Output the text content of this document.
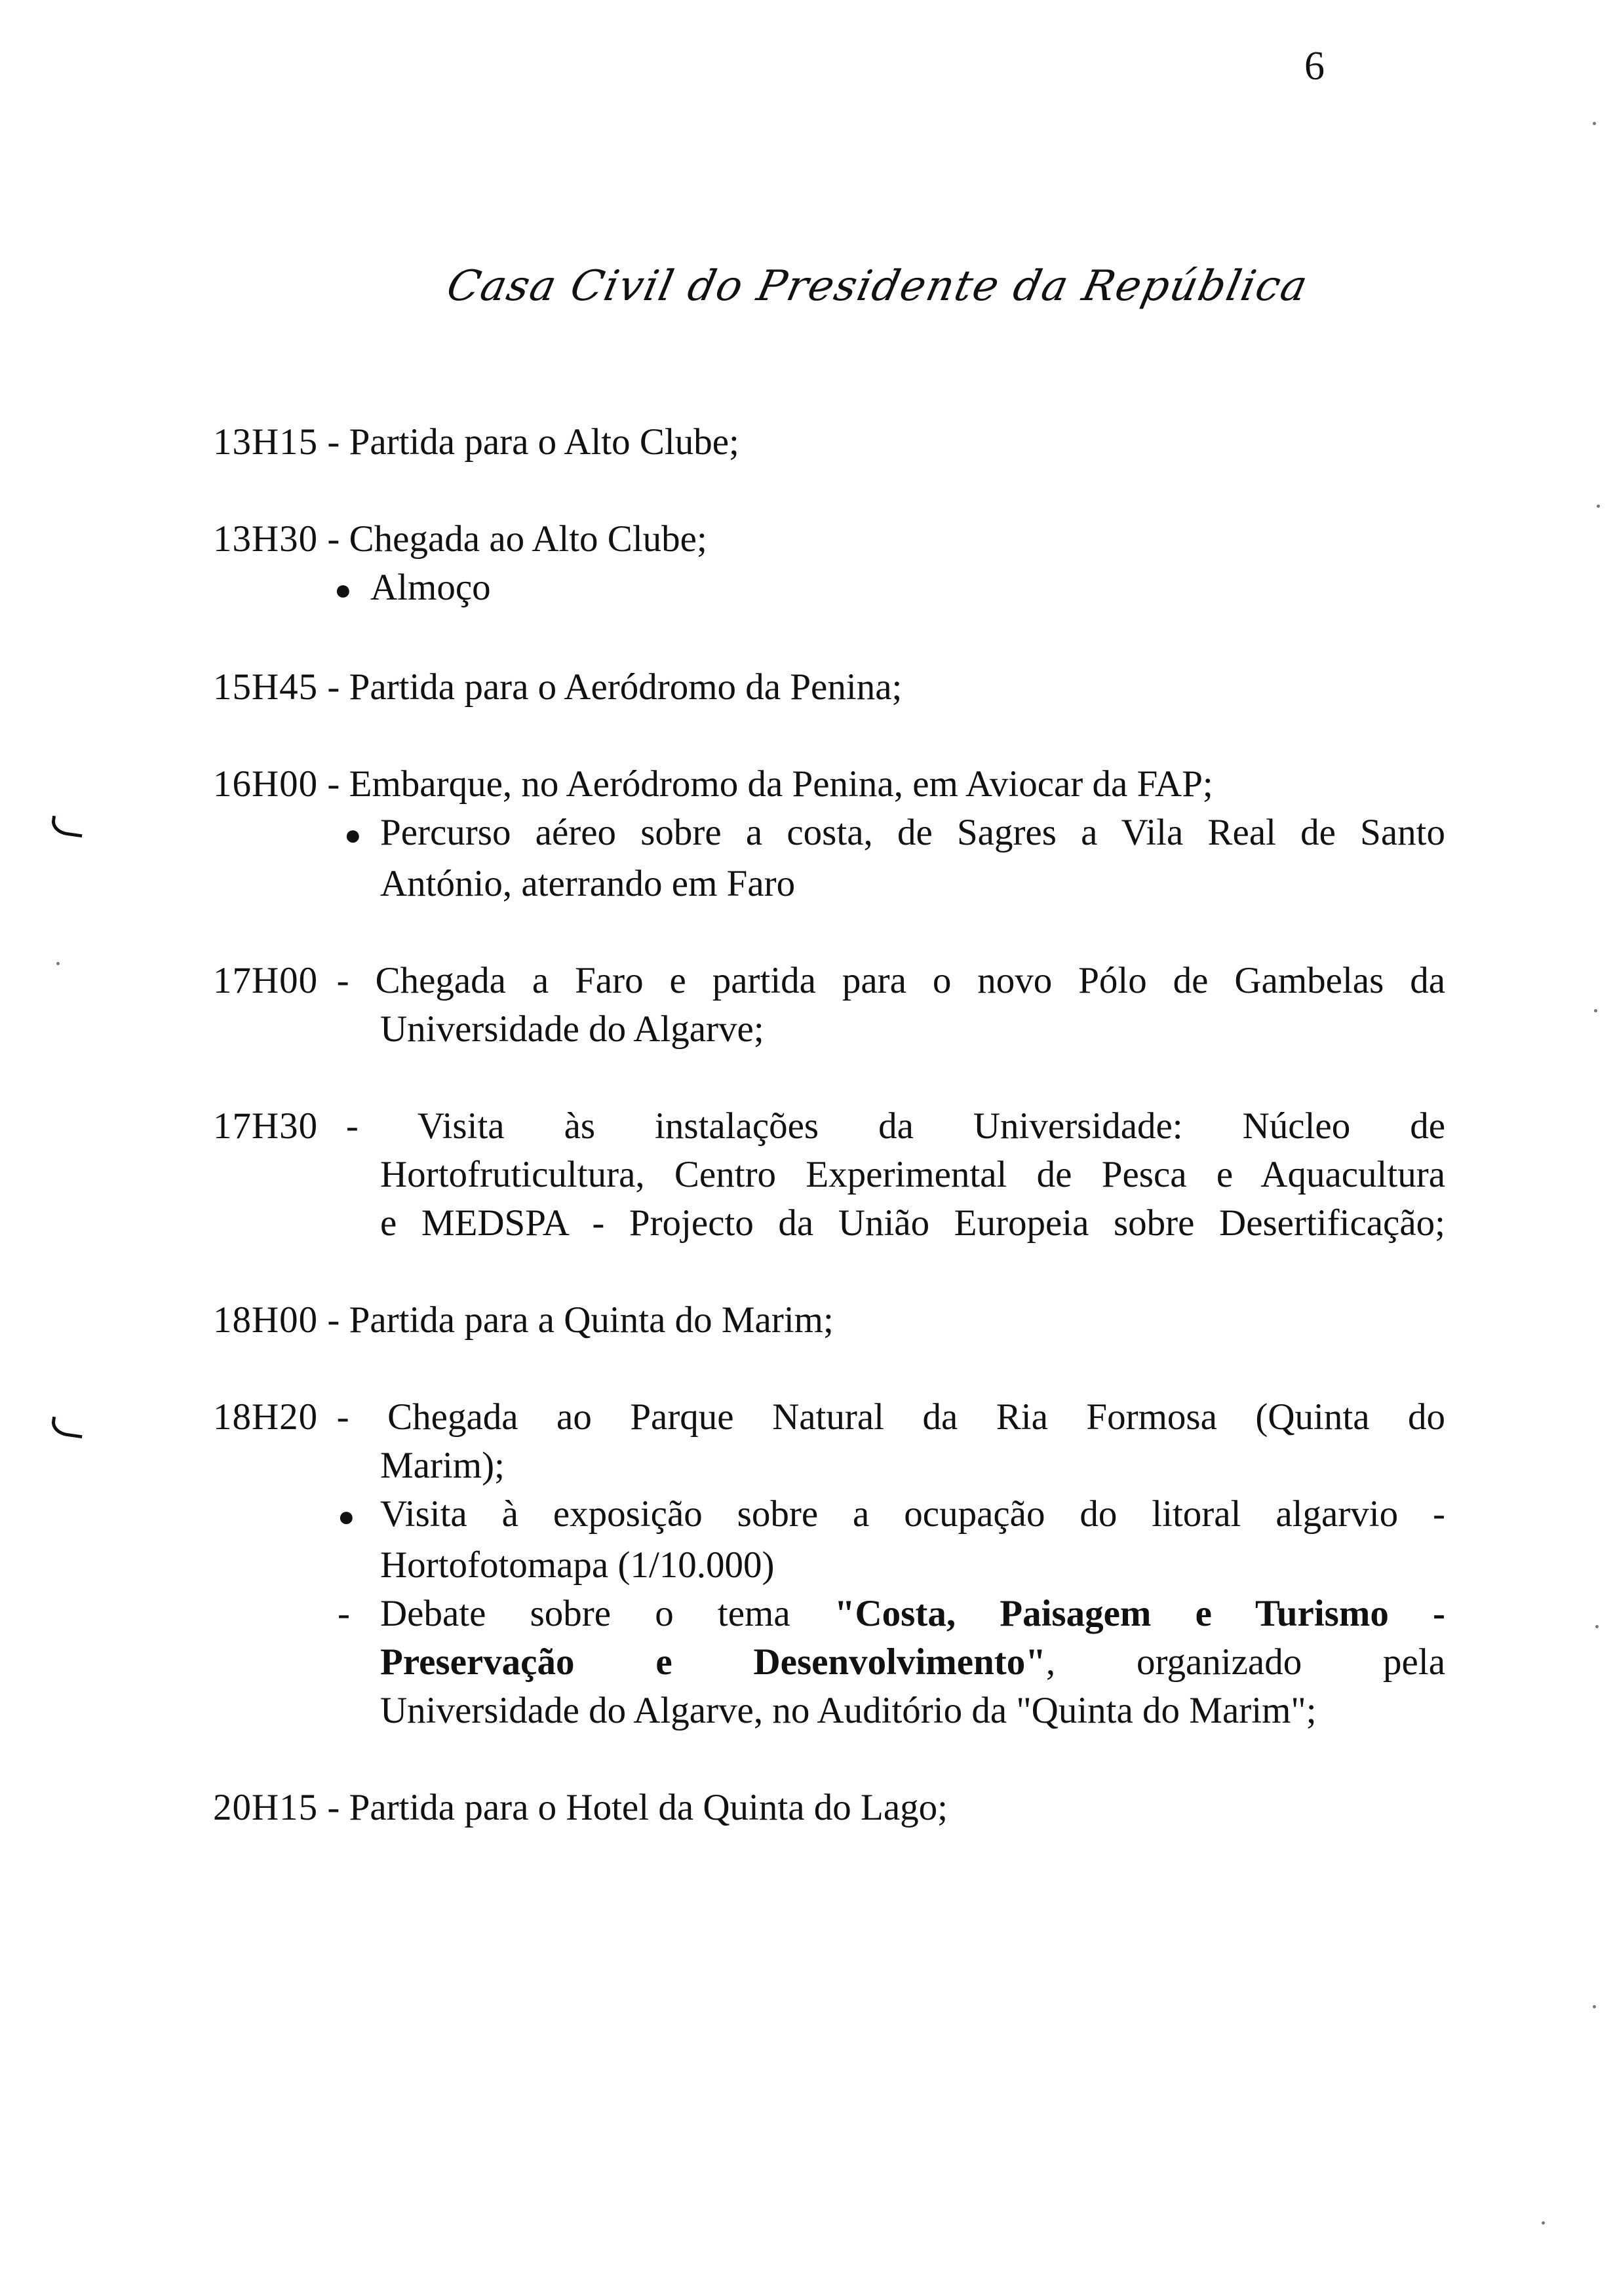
6
Casa Civil do Presidente da República
13H15
- Partida para o Alto Clube;
13H30
- Chegada ao Alto Clube;
● Almoço
15H45
- Partida para o Aeródromo da Penina;
16H00
- Embarque, no Aeródromo da Penina, em Aviocar da FAP;
● Percurso aéreo sobre a costa, de Sagres a Vila Real de Santo
António, aterrando em Faro
17H00
- Chegada a Faro e partida para o novo Pólo de Gambelas da
Universidade do Algarve;
17H30
- Visita às instalações da Universidade: Núcleo de
Hortofruticultura, Centro Experimental de Pesca e Aquacultura
e MEDSPA - Projecto da União Europeia sobre Desertificação;
18H00
- Partida para a Quinta do Marim;
18H20
- Chegada ao Parque Natural da Ria Formosa (Quinta do
Marim);
● Visita à exposição sobre a ocupação do litoral algarvio -
Hortofotomapa (1/10.000)
- Debate sobre o tema "Costa, Paisagem e Turismo -
Preservação e Desenvolvimento", organizado pela
Universidade do Algarve, no Auditório da "Quinta do Marim";
20H15
- Partida para o Hotel da Quinta do Lago;
